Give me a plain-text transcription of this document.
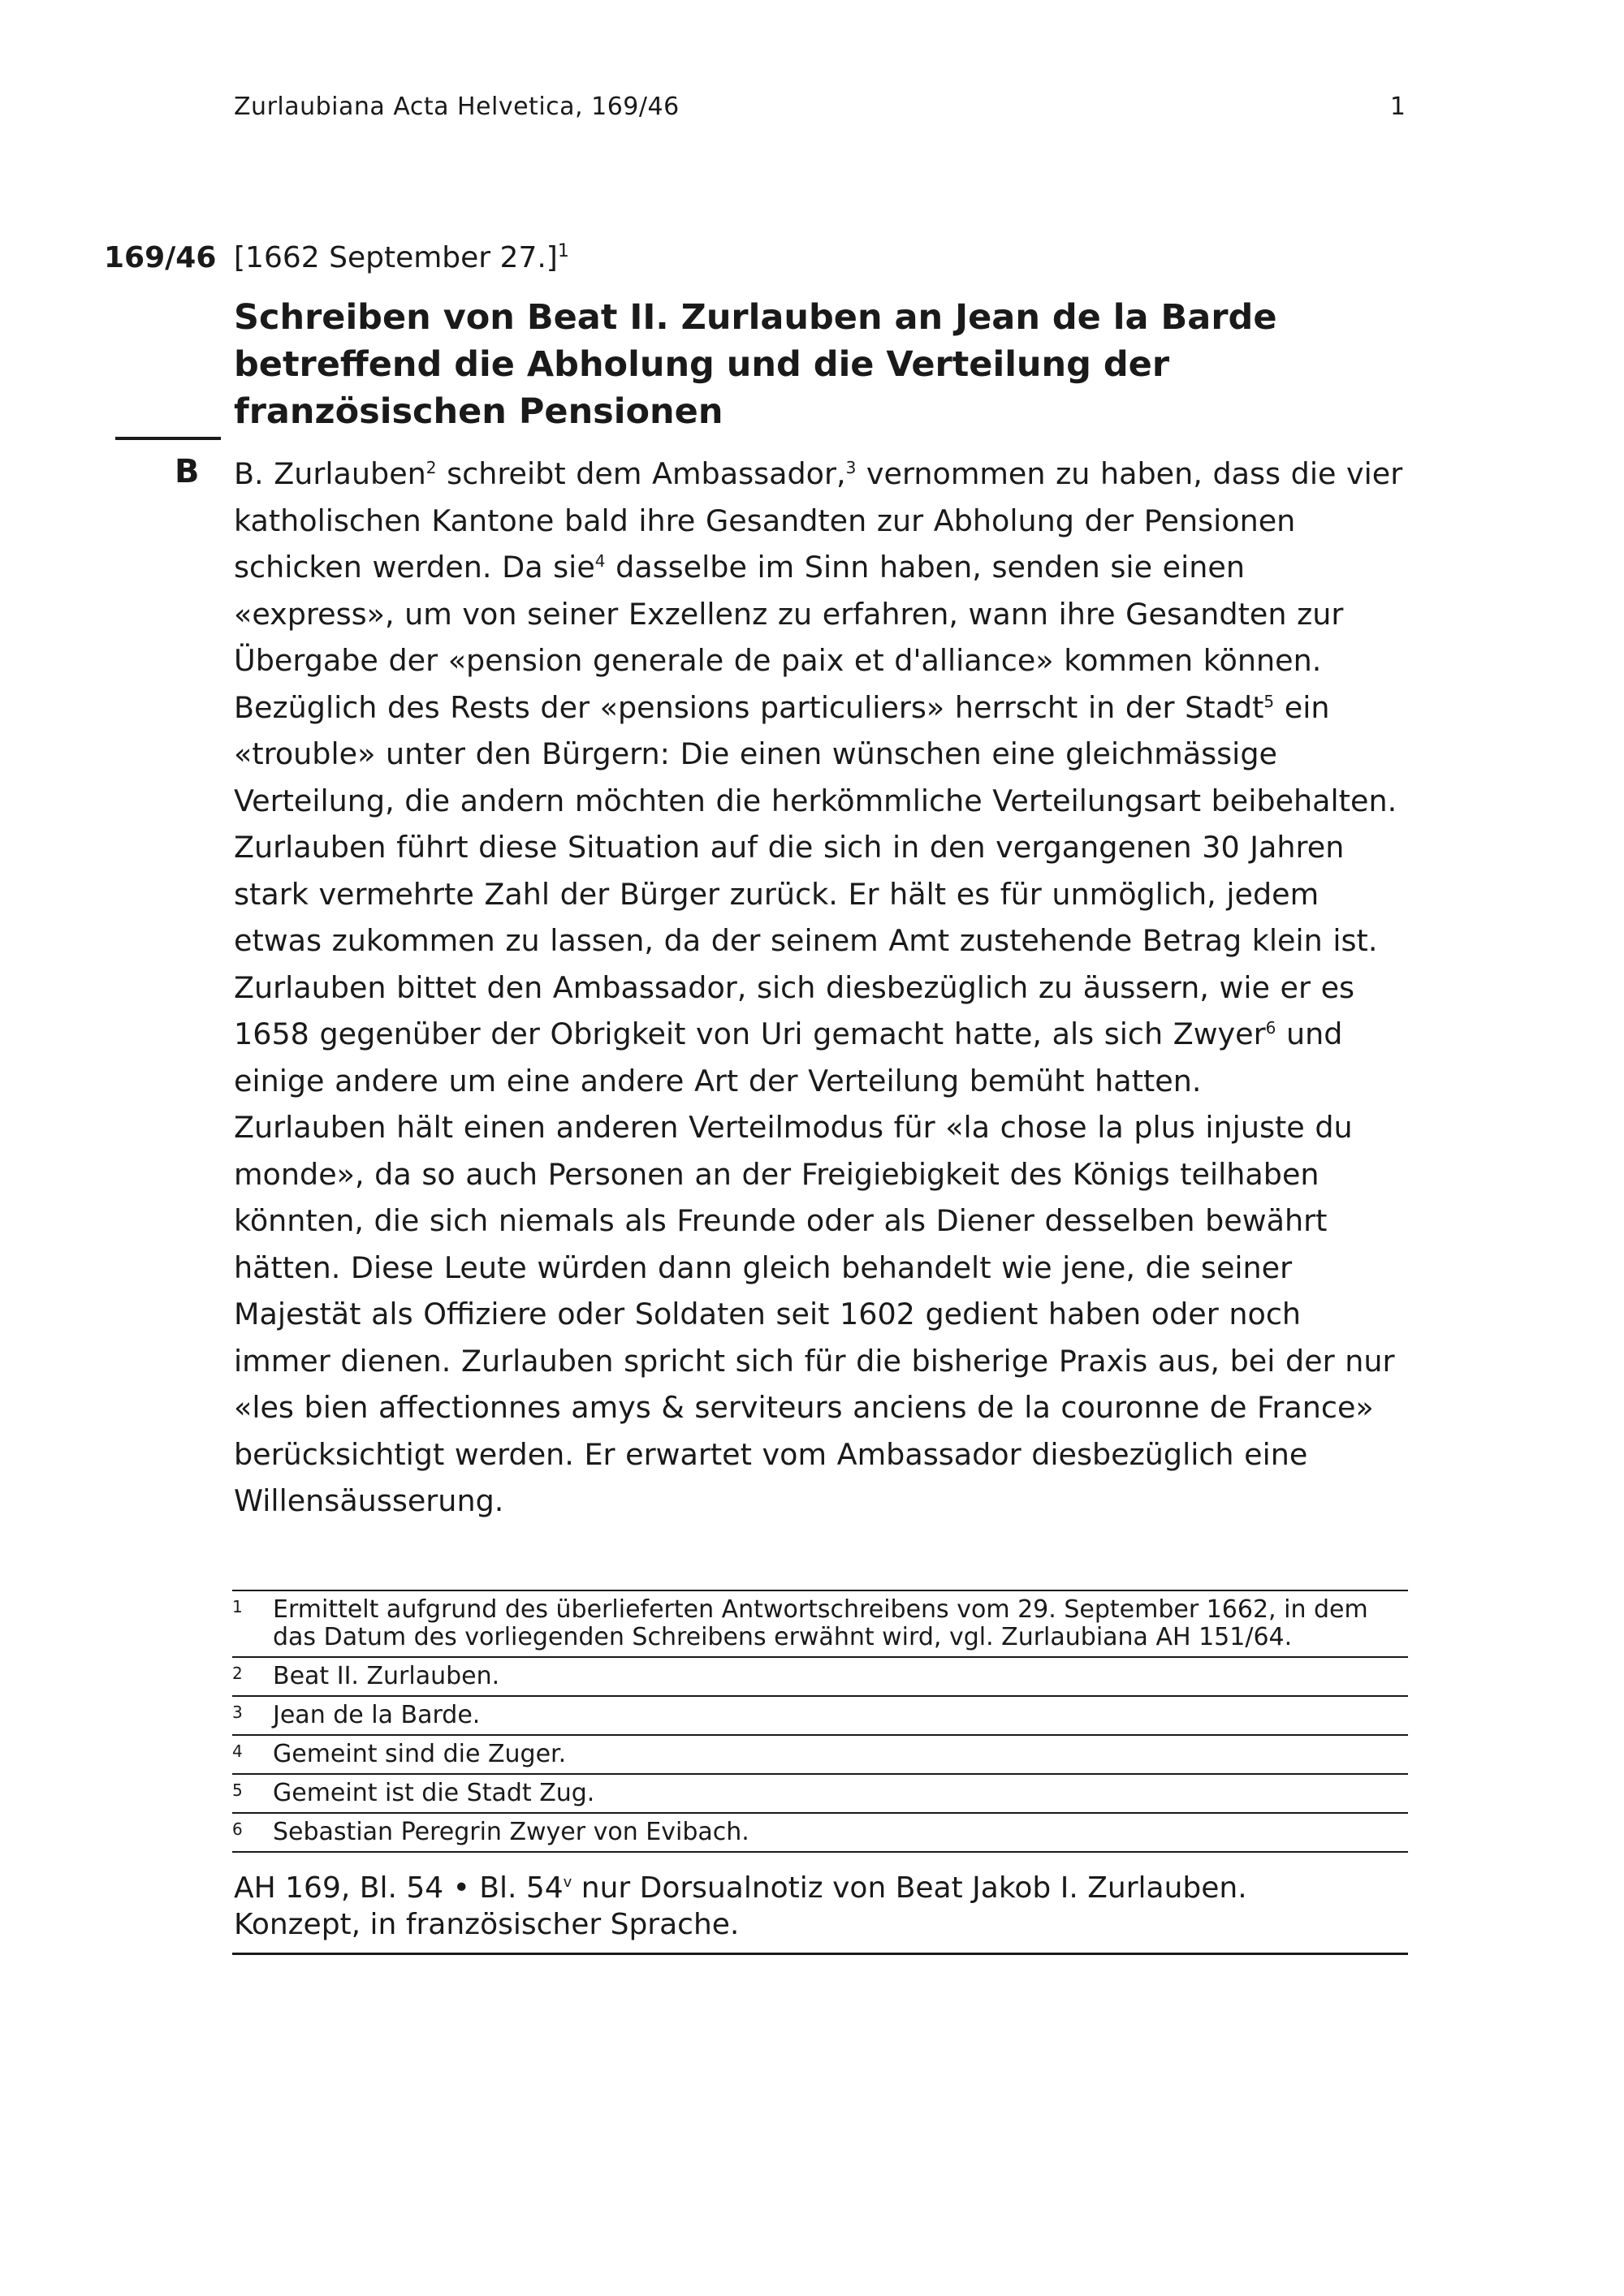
Zurlaubiana Acta Helvetica, 169/46	1
169/46 [1662 September 27.]$^1$
Schreiben von Beat II. Zurlauben an Jean de la Barde betreffend die Abholung und die Verteilung der französischen Pensionen
B B. Zurlauben$^2$ schreibt dem Ambassador,$^3$ vernommen zu haben, dass die vier katholischen Kantone bald ihre Gesandten zur Abholung der Pensionen schicken werden. Da sie$^4$ dasselbe im Sinn haben, senden sie einen «express», um von seiner Exzellenz zu erfahren, wann ihre Gesandten zur Übergabe der «pension generale de paix et d'alliance» kommen können.

Bezüglich des Rests der «pensions particuliers» herrscht in der Stadt$^5$ ein «trouble» unter den Bürgern: Die einen wünschen eine gleichmässige Verteilung, die andern möchten die herkömmliche Verteilungsart beibehalten. Zurlauben führt diese Situation auf die sich in den vergangenen 30 Jahren stark vermehrte Zahl der Bürger zurück. Er hält es für unmöglich, jedem etwas zukommen zu lassen, da der seinem Amt zustehende Betrag klein ist. Zurlauben bittet den Ambassador, sich diesbezüglich zu äussern, wie er es 1658 gegenüber der Obrigkeit von Uri gemacht hatte, als sich Zwyer$^6$ und einige andere um eine andere Art der Verteilung bemüht hatten.

Zurlauben hält einen anderen Verteilmodus für «la chose la plus injuste du monde», da so auch Personen an der Freigiebigkeit des Königs teilhaben könnten, die sich niemals als Freunde oder als Diener desselben bewährt hätten. Diese Leute würden dann gleich behandelt wie jene, die seiner Majestät als Offiziere oder Soldaten seit 1602 gedient haben oder noch immer dienen. Zurlauben spricht sich für die bisherige Praxis aus, bei der nur «les bien affectionnes amys & serviteurs anciens de la couronne de France» berücksichtigt werden. Er erwartet vom Ambassador diesbezüglich eine Willensäusserung.

1 Ermittelt aufgrund des überlieferten Antwortschreibens vom 29. September 1662, in dem das Datum des vorliegenden Schreibens erwähnt wird, vgl. Zurlaubiana AH 151/64.
2 Beat II. Zurlauben.
3 Jean de la Barde.
4 Gemeint sind die Zuger.
5 Gemeint ist die Stadt Zug.
6 Sebastian Peregrin Zwyer von Evibach.
AH 169, Bl. 54 • Bl. 54$^v$ nur Dorsualnotiz von Beat Jakob I. Zurlauben.
Konzept, in französischer Sprache.
